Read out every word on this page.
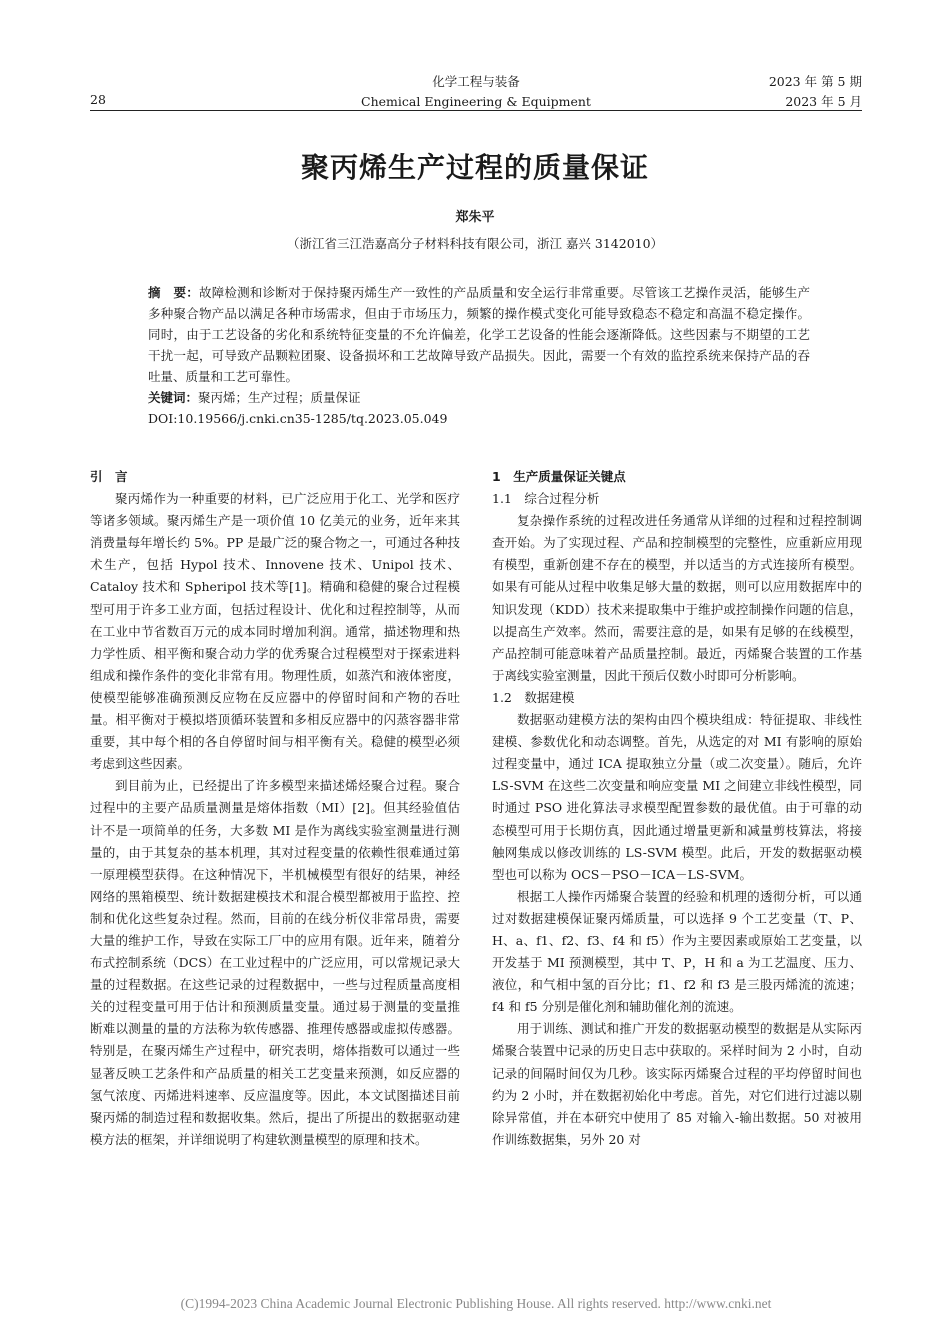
28
化学工程与装备
Chemical Engineering & Equipment
2023 年 第 5 期
2023 年 5 月
聚丙烯生产过程的质量保证
郑朱平
（浙江省三江浩嘉高分子材料科技有限公司，浙江 嘉兴 3142010）

摘　要：故障检测和诊断对于保持聚丙烯生产一致性的产品质量和安全运行非常重要。尽管该工艺操作灵活，能够生产多种聚合物产品以满足各种市场需求，但由于市场压力，频繁的操作模式变化可能导致稳态不稳定和高温不稳定操作。同时，由于工艺设备的劣化和系统特征变量的不允许偏差，化学工艺设备的性能会逐渐降低。这些因素与不期望的工艺干扰一起，可导致产品颗粒团聚、设备损坏和工艺故障导致产品损失。因此，需要一个有效的监控系统来保持产品的吞吐量、质量和工艺可靠性。

关键词：聚丙烯；生产过程；质量保证

DOI:10.19566/j.cnki.cn35-1285/tq.2023.05.049

引　言

聚丙烯作为一种重要的材料，已广泛应用于化工、光学和医疗等诸多领域。聚丙烯生产是一项价值 10 亿美元的业务，近年来其消费量每年增长约 5%。PP 是最广泛的聚合物之一，可通过各种技术生产，包括 Hypol 技术、Innovene 技术、Unipol 技术、Cataloy 技术和 Spheripol 技术等[1]。精确和稳健的聚合过程模型可用于许多工业方面，包括过程设计、优化和过程控制等，从而在工业中节省数百万元的成本同时增加利润。通常，描述物理和热力学性质、相平衡和聚合动力学的优秀聚合过程模型对于探索进料组成和操作条件的变化非常有用。物理性质，如蒸汽和液体密度，使模型能够准确预测反应物在反应器中的停留时间和产物的吞吐量。相平衡对于模拟塔顶循环装置和多相反应器中的闪蒸容器非常重要，其中每个相的各自停留时间与相平衡有关。稳健的模型必须考虑到这些因素。

到目前为止，已经提出了许多模型来描述烯烃聚合过程。聚合过程中的主要产品质量测量是熔体指数（MI）[2]。但其经验值估计不是一项简单的任务，大多数 MI 是作为离线实验室测量进行测量的，由于其复杂的基本机理，其对过程变量的依赖性很难通过第一原理模型获得。在这种情况下，半机械模型有很好的结果，神经网络的黑箱模型、统计数据建模技术和混合模型都被用于监控、控制和优化这些复杂过程。然而，目前的在线分析仪非常昂贵，需要大量的维护工作，导致在实际工厂中的应用有限。近年来，随着分布式控制系统（DCS）在工业过程中的广泛应用，可以常规记录大量的过程数据。在这些记录的过程数据中，一些与过程质量高度相关的过程变量可用于估计和预测质量变量。通过易于测量的变量推断难以测量的量的方法称为软传感器、推理传感器或虚拟传感器。特别是，在聚丙烯生产过程中，研究表明，熔体指数可以通过一些显著反映工艺条件和产品质量的相关工艺变量来预测，如反应器的氢气浓度、丙烯进料速率、反应温度等。因此，本文试图描述目前聚丙烯的制造过程和数据收集。然后，提出了所提出的数据驱动建模方法的框架，并详细说明了构建软测量模型的原理和技术。

1　生产质量保证关键点
1.1　综合过程分析

复杂操作系统的过程改进任务通常从详细的过程和过程控制调查开始。为了实现过程、产品和控制模型的完整性，应重新应用现有模型，重新创建不存在的模型，并以适当的方式连接所有模型。如果有可能从过程中收集足够大量的数据，则可以应用数据库中的知识发现（KDD）技术来提取集中于维护或控制操作问题的信息，以提高生产效率。然而，需要注意的是，如果有足够的在线模型，产品控制可能意味着产品质量控制。最近，丙烯聚合装置的工作基于离线实验室测量，因此干预后仅数小时即可分析影响。

1.2　数据建模

数据驱动建模方法的架构由四个模块组成：特征提取、非线性建模、参数优化和动态调整。首先，从选定的对 MI 有影响的原始过程变量中，通过 ICA 提取独立分量（或二次变量）。随后，允许 LS-SVM 在这些二次变量和响应变量 MI 之间建立非线性模型，同时通过 PSO 进化算法寻求模型配置参数的最优值。由于可靠的动态模型可用于长期仿真，因此通过增量更新和减量剪枝算法，将接触网集成以修改训练的 LS-SVM 模型。此后，开发的数据驱动模型也可以称为 OCS－PSO－ICA－LS-SVM。

根据工人操作丙烯聚合装置的经验和机理的透彻分析，可以通过对数据建模保证聚丙烯质量，可以选择 9 个工艺变量（T、P、H、a、f1、f2、f3、f4 和 f5）作为主要因素或原始工艺变量，以开发基于 MI 预测模型，其中 T、P，H 和 a 为工艺温度、压力、液位，和气相中氢的百分比；f1、f2 和 f3 是三股丙烯流的流速；f4 和 f5 分别是催化剂和辅助催化剂的流速。

用于训练、测试和推广开发的数据驱动模型的数据是从实际丙烯聚合装置中记录的历史日志中获取的。采样时间为 2 小时，自动记录的间隔时间仅为几秒。该实际丙烯聚合过程的平均停留时间也约为 2 小时，并在数据初始化中考虑。首先，对它们进行过滤以剔除异常值，并在本研究中使用了 85 对输入-输出数据。50 对被用作训练数据集，另外 20 对

(C)1994-2023 China Academic Journal Electronic Publishing House. All rights reserved. http://www.cnki.net
